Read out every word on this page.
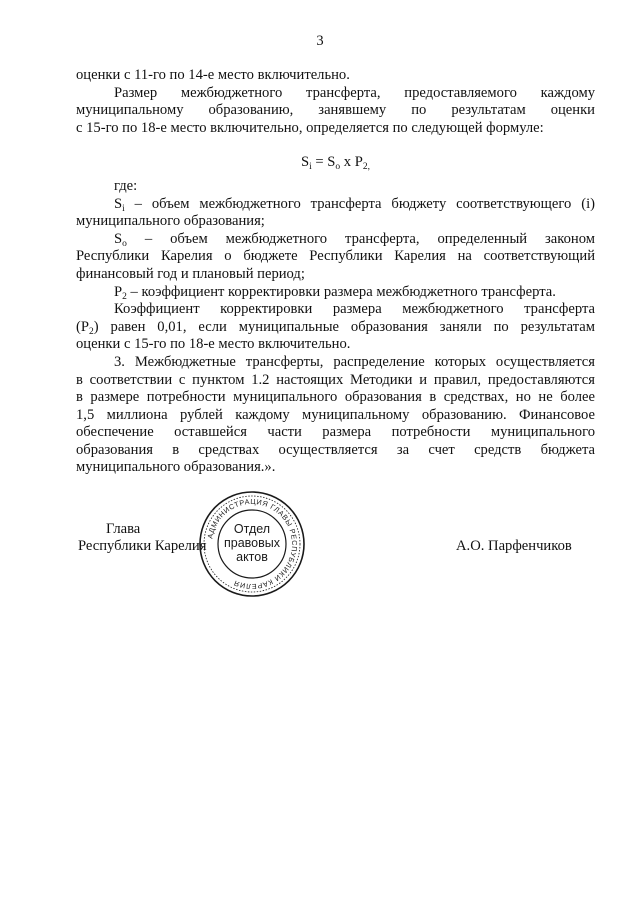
3

оценки с 11-го по 14-е место включительно.

Размер межбюджетного трансферта, предоставляемого каждому

муниципальному образованию, занявшему по результатам оценки

с 15-го по 18-е место включительно, определяется по следующей формуле:

$S_i = S_o$ х $P_{2,}$

где:

$S_i$ – объем межбюджетного трансферта бюджету соответствующего (i)

муниципального образования;

$S_o$ – объем межбюджетного трансферта, определенный законом

Республики Карелия о бюджете Республики Карелия на соответствующий

финансовый год и плановый период;

$P_2$ – коэффициент корректировки размера межбюджетного трансферта.

Коэффициент корректировки размера межбюджетного трансферта

$(P_2)$ равен 0,01, если муниципальные образования заняли по результатам

оценки с 15-го по 18-е место включительно.

3. Межбюджетные трансферты, распределение которых осуществляется

в соответствии с пунктом 1.2 настоящих Методики и правил, предоставляются

в размере потребности муниципального образования в средствах, но не более

1,5 миллиона рублей каждому муниципальному образованию. Финансовое

обеспечение оставшейся части размера потребности муниципального

образования в средствах осуществляется за счет средств бюджета

муниципального образования.».

Глава
Республики Карелия	А.О. Парфенчиков
АДМИНИСТРАЦИЯ ГЛАВЫ РЕСПУБЛИКИ КАРЕЛИЯ
Отдел
правовых
актов
